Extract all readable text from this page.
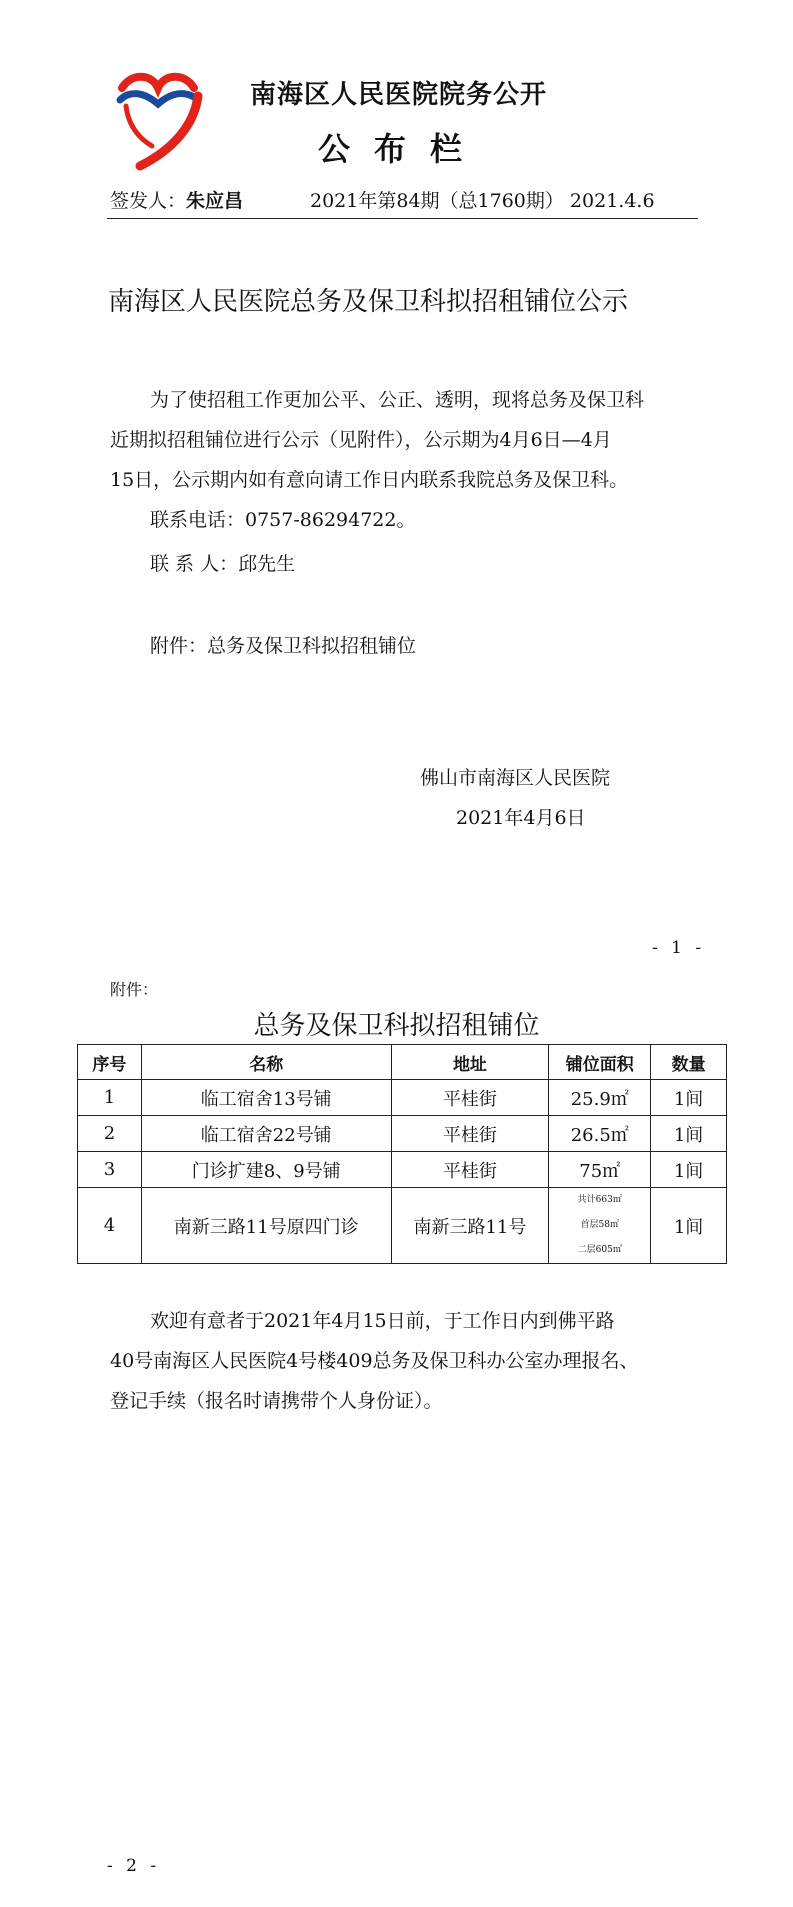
南海区人民医院院务公开
公布栏
签发人：朱应昌	2021年第84期（总1760期） 2021.4.6
南海区人民医院总务及保卫科拟招租铺位公示
为了使招租工作更加公平、公正、透明，现将总务及保卫科
近期拟招租铺位进行公示（见附件），公示期为4月6日—4月
15日，公示期内如有意向请工作日内联系我院总务及保卫科。
联系电话：0757-86294722。
联 系 人：邱先生
附件：总务及保卫科拟招租铺位
佛山市南海区人民医院
2021年4月6日
- 1 -
附件：
总务及保卫科拟招租铺位
序号	名称	地址	铺位面积	数量
1	临工宿舍13号铺	平桂街	25.9㎡	1间
2	临工宿舍22号铺	平桂街	26.5㎡	1间
3	门诊扩建8、9号铺	平桂街	75㎡	1间
4	南新三路11号原四门诊	南新三路11号	共计663㎡
首层58㎡
二层605㎡	1间
欢迎有意者于2021年4月15日前，于工作日内到佛平路
40号南海区人民医院4号楼409总务及保卫科办公室办理报名、
登记手续（报名时请携带个人身份证）。
- 2 -
